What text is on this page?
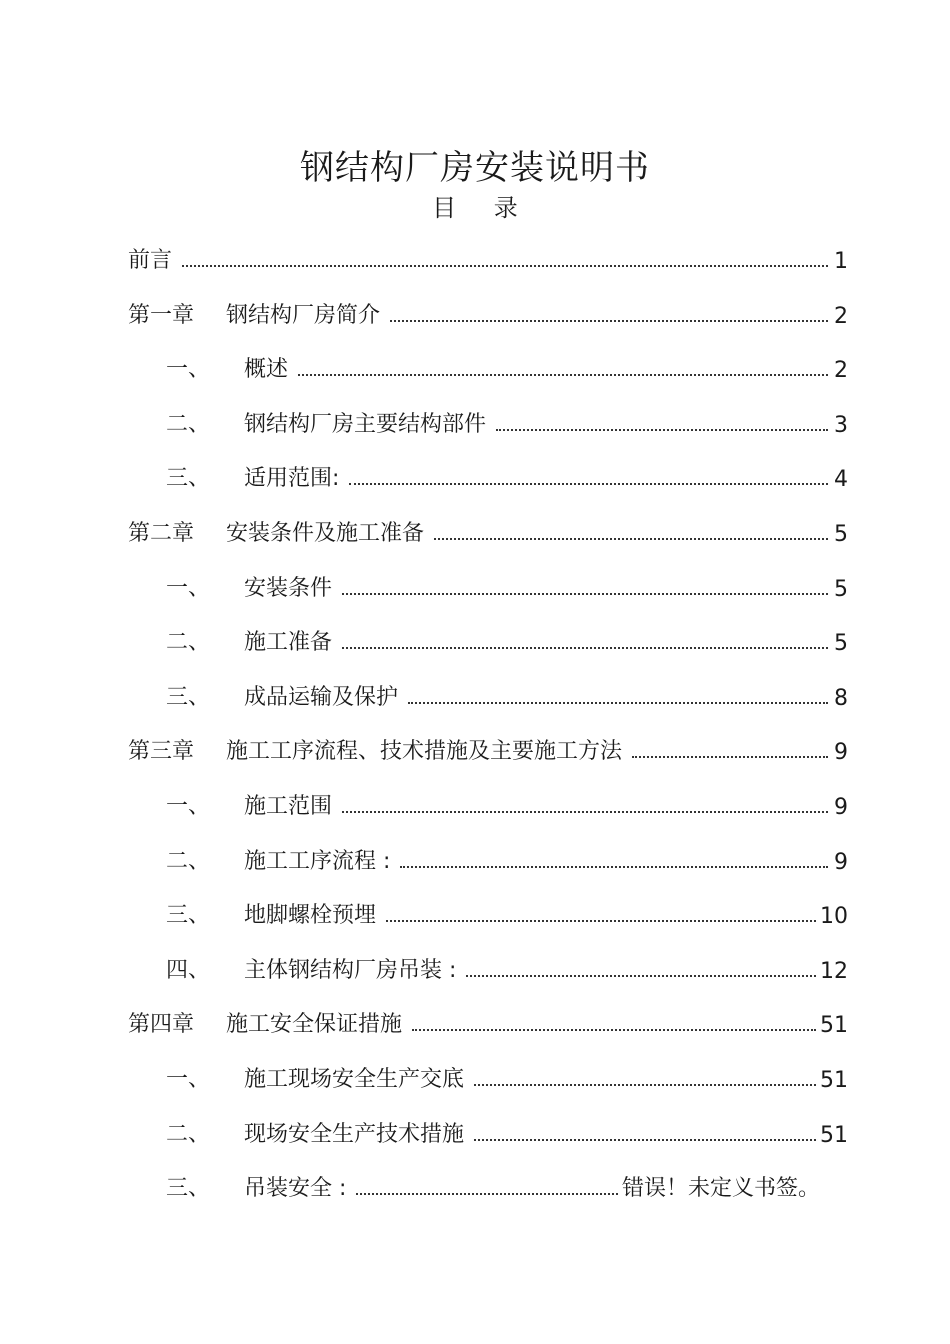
钢结构厂房安装说明书
目 录
前言	1
第一章	钢结构厂房简介	2
一、	概述	2
二、	钢结构厂房主要结构部件	3
三、	适用范围:	4
第二章	安装条件及施工准备	5
一、	安装条件	5
二、	施工准备	5
三、	成品运输及保护	8
第三章	施工工序流程、技术措施及主要施工方法	9
一、	施工范围	9
二、	施工工序流程 :	9
三、	地脚螺栓预埋	10
四、	主体钢结构厂房吊装 :	12
第四章	施工安全保证措施	51
一、	施工现场安全生产交底	51
二、	现场安全生产技术措施	51
三、	吊装安全 :	错误！未定义书签。
